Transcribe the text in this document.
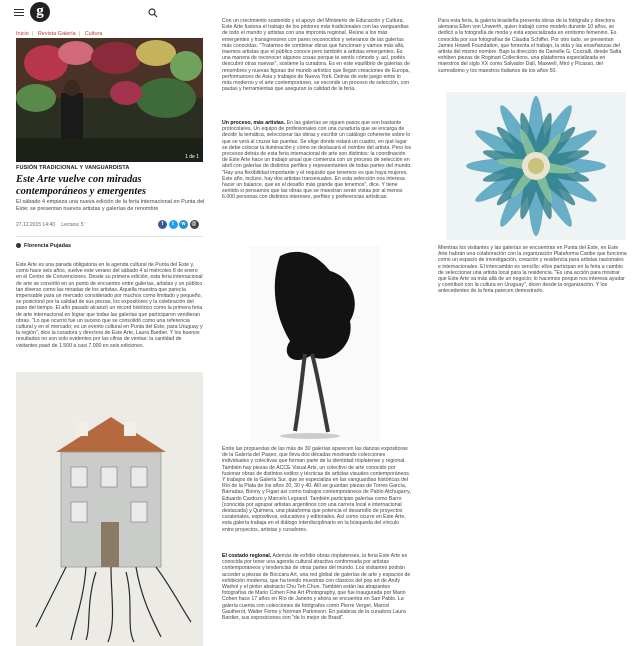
g
Inicio | Revista Galería | Cultura
1 de 1
FUSIÓN TRADICIONAL Y VANGUARDISTA
Este Arte vuelve con miradas contemporáneos y emergentes
El sábado 4 empieza una nueva edición de la feria internacional en Punta del Este; se presentan nuevos artistas y galerías de renombre
27.12.2015 14:40 Lectura: 5'	f	t	w	@
Florencia Pujadas
Este Arte es una parada obligatoria en la agenda cultural de Punta del Este y, como hace seis años, vuelve este verano del sábado 4 al miércoles 8 de enero en el Centro de Convenciones. Desde su primera edición, esta feria internacional de arte se convirtió en un punto de encuentro entre galerías, artistas y un público tan diverso como las miradas de los artistas. Aquella muestra que parecía impensable para un mercado considerado por muchos como limitado y pequeño, se posicionó por la calidad de sus piezas, los expositores y la celebración del paso del tiempo. El año pasado alcanzó un récord histórico como la primera feria de arte internacional en lograr que todas las galerías que participaron vendieran obras. "Lo que ocurrió fue un suceso que se consolidó como una referencia cultural y en el mercado; es un evento cultural en Punta del Este, para Uruguay y la región", dice la curadora y directora de Este Arte, Laura Bardier. Y los buenos resultados no son solo evidentes por las cifras de ventas: la cantidad de visitantes pasó de 1.500 a casi 7.000 en seis ediciones.
Con un crecimiento sostenido y el apoyo del Ministerio de Educación y Cultura, Este Arte fusiona el trabajo de los pintores más tradicionales con las vanguardias de todo el mundo y artistas con una impronta regional. Reúne a los más emergentes y transgresores con pares reconocidos y veteranos de las galerías más conocidas. "Tratamos de combinar obras que funcionan y vamos más allá, traemos artistas que el público conoce pero también a artistas emergentes. Es una manera de reconocer algunos cosas porque te sentís cómodo y, así, podés descubrir otras nuevas", sostiene la curadora. Es en este equilibrio de galerías de renombres y nuevas figuras del mundo artístico que llegan creaciones de Europa, performances de Asia y trabajos de Nueva York. Detrás de este juego entre lo más moderno y el arte contemporáneo, se esconde un proceso de selección, con pautas y herramientas que aseguran la calidad de la feria.
Un proceso, más artistas. En las galerías se siguen pasos que son bastante protocolares. Un equipo de profesionales con una curaduría que se encarga de decidir la temática, seleccionar las obras y escribir un catálogo coherente sobre lo que se verá al cruzar las puertas. Se elige donde estará un cuadro, en qué lugar se debe colocar la iluminación y cómo se destacará el nombre del artista. Pero los procesos detrás de esta feria internacional de arte son distintos: la coordinación de Este Arte hace un trabajo anual que comienza con un proceso de selección en abril con galerías de distintos perfiles y representantes de todas partes del mundo. "Hay una flexibilidad importante y el requisito que tenemos es que haya mujeres. Este año, incluso, hay dos artistas transexuales. En esta selección nos interesa hacer un balance, que es el desafío más grande que tenemos", dice. Y tiene sentido si pensamos que las obras que se muestran serán vistas por al menos 6.000 personas con distintos intereses, perfiles y preferencias artísticas.
Entre las propuestas de las más de 30 galerías aparecen las danzas expositoras de la Galería del Paseo, que lleva dos décadas mostrando colecciones individuales y colectivas que forman parte de la identidad rioplatense y regional. También hay piezas de ACCE Visual Arts, un colectivo de arte conocido por fusionar obras de distintos estilos y técnicas de artistas visuales contemporáneos. Y trabajos de la Galería Sur, que se especializa en las vanguardias históricas del Río de la Plata de los años 20, 30 y 40. Allí se guardan piezas de Torres García, Barradas, Bonny y Figari así como trabajos contemporáneos de Pablo Atchugarry, Eduardo Cardozo y Marcelo Legrand. También participan galerías como Barro (conocida por agrupar artistas argentinos con una carrera local e internacional destacada) y Quimera, una plataforma que potencia el desarrollo de proyectos curatoriales, expositivos, educativos y editoriales. Así como ocurre en Este Arte, esta galería trabaja en el diálogo interdisciplinario en la búsqueda del vínculo entre proyectos, artistas y curadores.
El costado regional. Además de exhibir obras rioplatenses, la feria Este Arte es conocida por tener una agenda cultural atractiva conformada por artistas contemporáneos y tendencias de otras partes del mundo. Los visitantes podrán acceder a piezas de Boccara Art, una red global de galerías de arte y espacios de exhibición moderna, que ha tenido muestras con clásicos del pop art de Andy Warhol y el pintor abstracto Chu Teh Chun. También están las atrapantes fotografías de Mario Cohen Fine Art Photography, que fue inaugurada por Mario Cohen hace 17 años en Río de Janeiro y ahora se encuentra en San Pablo. La galería cuenta con colecciones de fotógrafos como Pierre Verger, Marcel Gautherot, Walter Firmo y Norman Parkinson. En palabras de la curadora Laura Bardier, sus exposiciones son "de lo mejor de Brasil".
Para esta feria, la galería brasileña presenta obras de la fotógrafa y directora alemana Ellen von Unwerth, quien trabajó como modelo durante 10 años, se dedicó a la fotografía de moda y está especializada en erotismo femenino. Es conocida por sus fotografías de Claudia Schiffer. Por otro lado, se presentan James Howell Foundation, que fomenta el trabajo, la vida y las enseñanzas del artista del mismo nombre. Bajo la dirección de Danielle G. Cozzalli, desde Salta exhiben piezas de Roginart Collections, una plataforma especializada en maestros del siglo XX como Salvador Dalí, Maxwell, Miró y Picasso, del surrealismo y los maestros italianos de los años 50.
Mientras los visitantes y las galerías se encuentran en Punta del Este, en Este Arte habrán una colaboración con la organización Plataforma Caribe que funciona como un espacio de investigación, creación y residencia para artistas nacionales e internacionales. El intercambio es sencillo: ellos participan en la feria a cambio de seleccionar una artista local para la residencia. "Es una acción para mostrar que Este Arte va más allá de un negocio; lo hacemos porque nos interesa ayudar y contribuir con la cultura en Uruguay", dicen desde la organización. Y los antecedentes de la feria parecen demostrarlo.
